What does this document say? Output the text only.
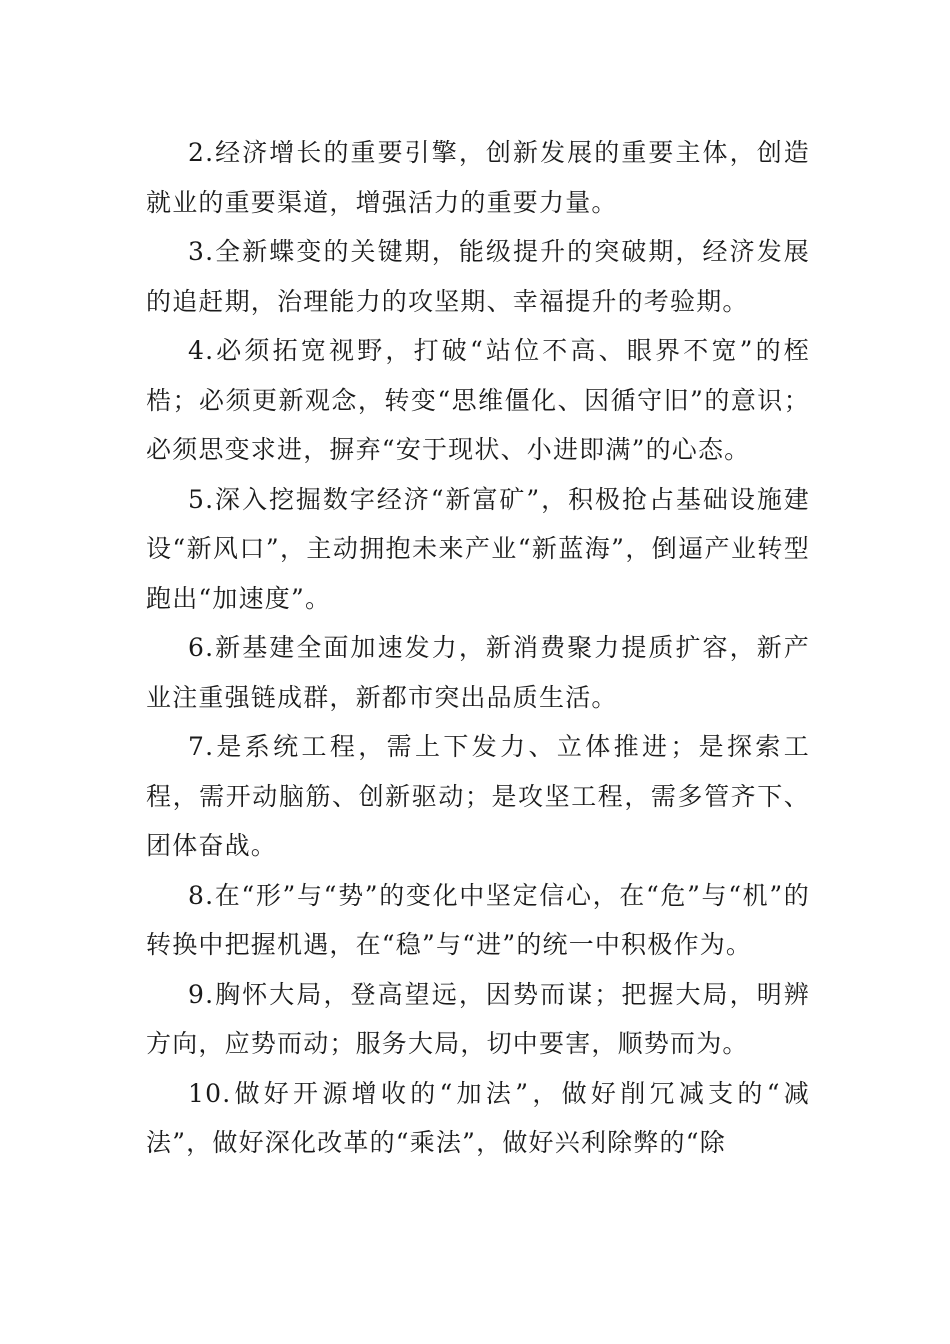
2.经济增长的重要引擎，创新发展的重要主体，创造就业的重要渠道，增强活力的重要力量。

3.全新蝶变的关键期，能级提升的突破期，经济发展的追赶期，治理能力的攻坚期、幸福提升的考验期。

4.必须拓宽视野，打破“站位不高、眼界不宽”的桎梏；必须更新观念，转变“思维僵化、因循守旧”的意识；必须思变求进，摒弃“安于现状、小进即满”的心态。

5.深入挖掘数字经济“新富矿”，积极抢占基础设施建设“新风口”，主动拥抱未来产业“新蓝海”，倒逼产业转型跑出“加速度”。

6.新基建全面加速发力，新消费聚力提质扩容，新产业注重强链成群，新都市突出品质生活。

7.是系统工程，需上下发力、立体推进；是探索工程，需开动脑筋、创新驱动；是攻坚工程，需多管齐下、团体奋战。

8.在“形”与“势”的变化中坚定信心，在“危”与“机”的转换中把握机遇，在“稳”与“进”的统一中积极作为。

9.胸怀大局，登高望远，因势而谋；把握大局，明辨方向，应势而动；服务大局，切中要害，顺势而为。

10.做好开源增收的“加法”，做好削冗减支的“减法”，做好深化改革的“乘法”，做好兴利除弊的“除
